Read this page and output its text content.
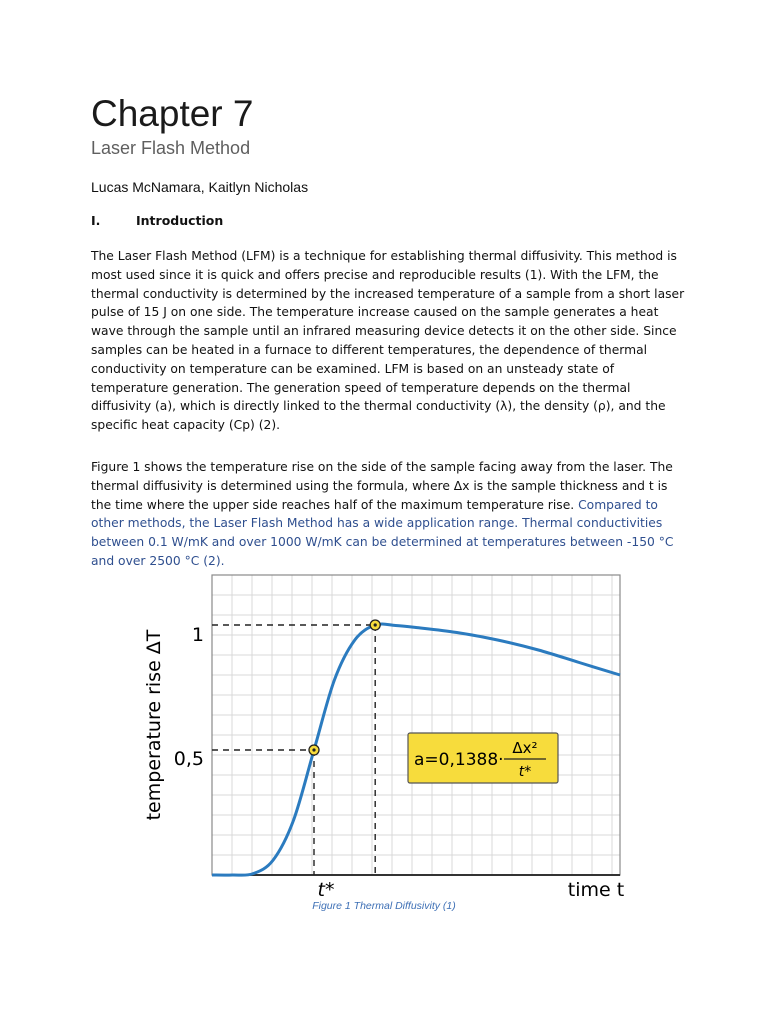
Chapter 7
Laser Flash Method
Lucas McNamara, Kaitlyn Nicholas
I.	Introduction

The Laser Flash Method (LFM) is a technique for establishing thermal diffusivity. This method is
most used since it is quick and offers precise and reproducible results (1). With the LFM, the
thermal conductivity is determined by the increased temperature of a sample from a short laser
pulse of 15 J on one side. The temperature increase caused on the sample generates a heat
wave through the sample until an infrared measuring device detects it on the other side. Since
samples can be heated in a furnace to different temperatures, the dependence of thermal
conductivity on temperature can be examined. LFM is based on an unsteady state of
temperature generation. The generation speed of temperature depends on the thermal
diffusivity (a), which is directly linked to the thermal conductivity (λ), the density (ρ), and the
specific heat capacity (Cp) (2).

Figure 1 shows the temperature rise on the side of the sample facing away from the laser. The
thermal diffusivity is determined using the formula, where Δx is the sample thickness and t is
the time where the upper side reaches half of the maximum temperature rise. Compared to
other methods, the Laser Flash Method has a wide application range. Thermal conductivities
between 0.1 W/mK and over 1000 W/mK can be determined at temperatures between -150 °C
and over 2500 °C (2).

1
0,5
t*	time t
temperature rise ΔT	a=0,1388·
Δx²
t*
Figure 1 Thermal Diffusivity (1)
